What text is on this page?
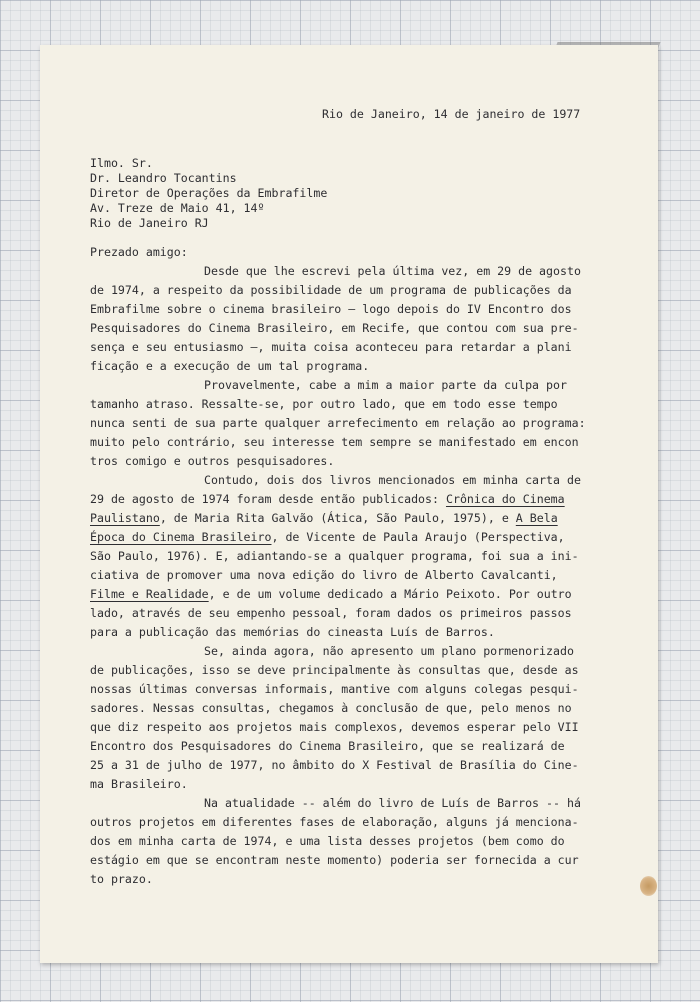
Rio de Janeiro, 14 de janeiro de 1977
Ilmo. Sr.
Dr. Leandro Tocantins
Diretor de Operações da Embrafilme
Av. Treze de Maio 41, 14º
Rio de Janeiro RJ
Prezado amigo:
Desde que lhe escrevi pela última vez, em 29 de agosto
de 1974, a respeito da possibilidade de um programa de publicações da
Embrafilme sobre o cinema brasileiro — logo depois do IV Encontro dos
Pesquisadores do Cinema Brasileiro, em Recife, que contou com sua pre-
sença e seu entusiasmo —, muita coisa aconteceu para retardar a plani
ficação e a execução de um tal programa.
Provavelmente, cabe a mim a maior parte da culpa por
tamanho atraso. Ressalte-se, por outro lado, que em todo esse tempo
nunca senti de sua parte qualquer arrefecimento em relação ao programa:
muito pelo contrário, seu interesse tem sempre se manifestado em encon
tros comigo e outros pesquisadores.
Contudo, dois dos livros mencionados em minha carta de
29 de agosto de 1974 foram desde então publicados: Crônica do Cinema
Paulistano, de Maria Rita Galvão (Ática, São Paulo, 1975), e A Bela
Época do Cinema Brasileiro, de Vicente de Paula Araujo (Perspectiva,
São Paulo, 1976). E, adiantando-se a qualquer programa, foi sua a ini-
ciativa de promover uma nova edição do livro de Alberto Cavalcanti,
Filme e Realidade, e de um volume dedicado a Mário Peixoto. Por outro
lado, através de seu empenho pessoal, foram dados os primeiros passos
para a publicação das memórias do cineasta Luís de Barros.
Se, ainda agora, não apresento um plano pormenorizado
de publicações, isso se deve principalmente às consultas que, desde as
nossas últimas conversas informais, mantive com alguns colegas pesqui-
sadores. Nessas consultas, chegamos à conclusão de que, pelo menos no
que diz respeito aos projetos mais complexos, devemos esperar pelo VII
Encontro dos Pesquisadores do Cinema Brasileiro, que se realizará de
25 a 31 de julho de 1977, no âmbito do X Festival de Brasília do Cine-
ma Brasileiro.
Na atualidade -- além do livro de Luís de Barros -- há
outros projetos em diferentes fases de elaboração, alguns já menciona-
dos em minha carta de 1974, e uma lista desses projetos (bem como do
estágio em que se encontram neste momento) poderia ser fornecida a cur
to prazo.
